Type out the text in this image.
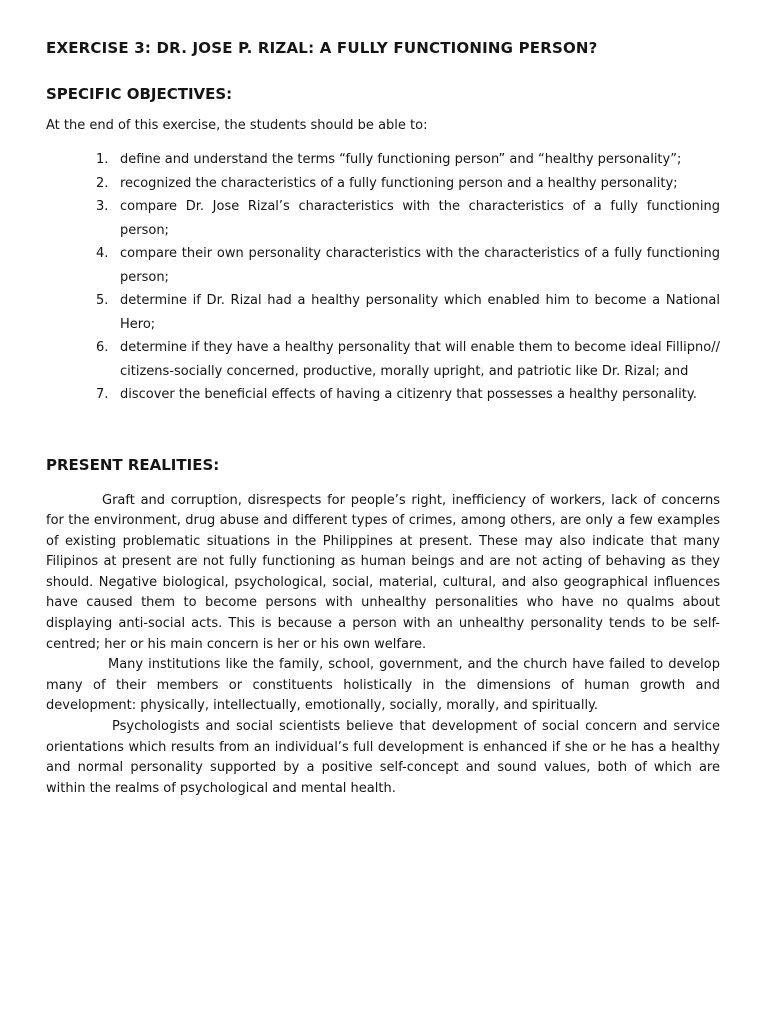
EXERCISE 3: DR. JOSE P. RIZAL: A FULLY FUNCTIONING PERSON?
SPECIFIC OBJECTIVES:

At the end of this exercise, the students should be able to:

1. define and understand the terms “fully functioning person” and “healthy personality”;
2. recognized the characteristics of a fully functioning person and a healthy personality;
3. compare Dr. Jose Rizal’s characteristics with the characteristics of a fully functioning person;
4. compare their own personality characteristics with the characteristics of a fully functioning person;
5. determine if Dr. Rizal had a healthy personality which enabled him to become a National Hero;
6. determine if they have a healthy personality that will enable them to become ideal Fillipno// citizens-socially concerned, productive, morally upright, and patriotic like Dr. Rizal; and
7. discover the beneficial effects of having a citizenry that possesses a healthy personality.
PRESENT REALITIES:

Graft and corruption, disrespects for people’s right, inefficiency of workers, lack of concerns for the environment, drug abuse and different types of crimes, among others, are only a few examples of existing problematic situations in the Philippines at present. These may also indicate that many Filipinos at present are not fully functioning as human beings and are not acting of behaving as they should. Negative biological, psychological, social, material, cultural, and also geographical influences have caused them to become persons with unhealthy personalities who have no qualms about displaying anti-social acts. This is because a person with an unhealthy personality tends to be self-centred; her or his main concern is her or his own welfare.

Many institutions like the family, school, government, and the church have failed to develop many of their members or constituents holistically in the dimensions of human growth and development: physically, intellectually, emotionally, socially, morally, and spiritually.

Psychologists and social scientists believe that development of social concern and service orientations which results from an individual’s full development is enhanced if she or he has a healthy and normal personality supported by a positive self-concept and sound values, both of which are within the realms of psychological and mental health.
